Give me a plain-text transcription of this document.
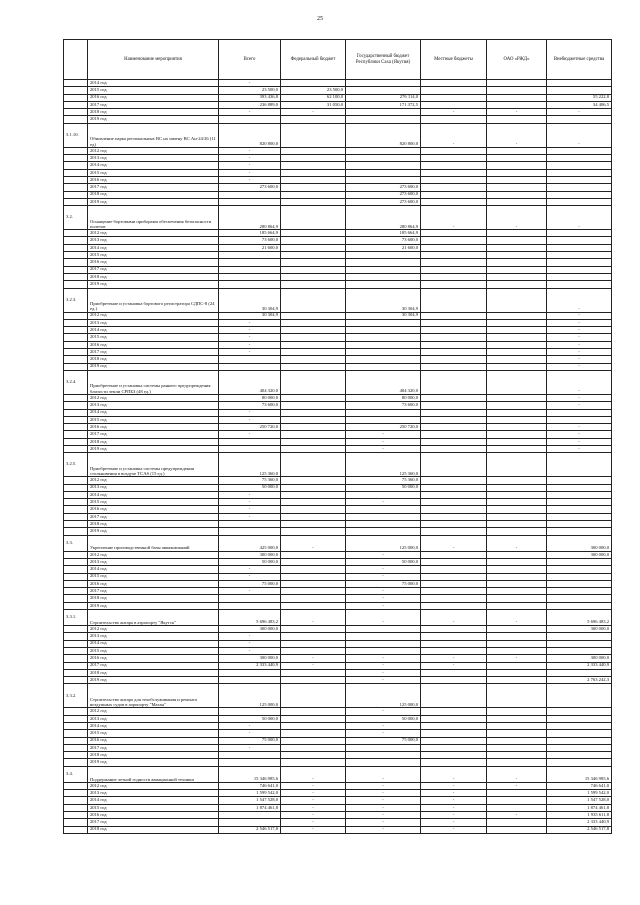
25
	Наименование мероприятия	Всего	Федеральный бюджет	Государственный бюджет Республики Саха (Якутия)	Местные бюджеты	ОАО «РЖД»	Внебюджетные средства
	2014 год	-					
	2015 год	23 500,0	23 500,0				
	2016 год	393 436,8	62 100,0	276 114,0			55 222,8
	2017 год	236 889,0	31 050,0	171 372,5			34 406,5
	2018 год	-	-		-	-	-
	2019 год						
3.1.10.	Обновление парка региональных ВС на замену ВС Ан-24/26 (11 ед)	820 800,0		820 800,0	-	-	-
	2012 год	-					
	2013 год	-					
	2014 год	-					
	2015 год	-					
	2016 год	-					
	2017 год	273 600,0		273 600,0			
	2018 год			273 600,0			
	2019 год			273 600,0			
3.2.	Оснащение бортовыми приборами обеспечения безопасности полетов	280 864,9		280 864,9	-	-	-
	2012 год	185 664,9		185 664,9			
	2013 год	73 600,0		73 600,0			
	2014 год	21 600,0		21 600,0			
	2015 год						
	2016 год						
	2017 год						
	2018 год						
	2019 год						
3.2.3.	Приобретение и установка бортового регистратора СДПС-8 (24 ед.)	30 304,9		30 304,9			-
	2012 год	30 304,9		30 304,9			-
	2013 год	-					-
	2014 год	-					-
	2015 год	-					-
	2016 год	-					-
	2017 год	-					-
	2018 год						-
	2019 год						-
3.2.4.	Приобретение и установка системы раннего предупреждения близости земли СРПБЗ (48 ед.)	404 320,0		404 320,0			-
	2012 год	80 000,0		80 000,0			-
	2013 год	73 600,0		73 600,0			-
	2014 год	-					
	2015 год	-					
	2016 год	250 720,0		250 720,0			-
	2017 год	-		-			-
	2018 год			-			-
	2019 год			-			-
3.2.5.	Приобретение и установка системы предупреждения столкновения в воздухе TCAS (15 ед.)	125 360,0		125 360,0			
	2012 год	75 360,0		75 360,0			
	2013 год	50 000,0		50 000,0			
	2014 год	-					
	2015 год	-		-			
	2016 год	-					
	2017 год	-					
	2018 год						
	2019 год						
3.3.	Укрепление производственной базы авиакомпаний	425 000,0	-	125 000,0	-	-	300 000,0
	2012 год	300 000,0		-			300 000,0
	2013 год	50 000,0		50 000,0			
	2014 год	-		-			
	2015 год	-		-			
	2016 год	75 000,0		75 000,0			
	2017 год	-		-			
	2018 год			-			
	2019 год			-			
3.3.1.	Строительство ангара в аэропорту "Якутск"	5 696 483,2	-	-	-	-	5 696 483,2
	2012 год	300 000,0					300 000,0
	2013 год	-					
	2014 год	-					
	2015 год	-					
	2016 год	300 000,0	-	-	-	-	300 000,0
	2017 год	2 333 440,9	-	-	-		2 333 440,9
	2018 год			-			
	2019 год			-			2 763 242,3
3.3.2.	Строительство ангара для техобслуживания и ремонта воздушных судов в аэропорту "Маган"	125 000,0		125 000,0			
	2012 год			-			
	2013 год	50 000,0		50 000,0			
	2014 год	-		-			
	2015 год	-		-			
	2016 год	75 000,0		75 000,0			
	2017 год	-					
	2018 год						
	2019 год						
3.4.	Поддержание летной годности авиационной техники	15 346 985,6	-	-	-	-	15 346 985,6
	2012 год	746 641,0	-	-	-	-	746 641,0
	2013 год	1 599 542,0	-	-	-		1 599 542,0
	2014 год	1 547 528,0	-	-	-		1 547 528,0
	2015 год	1 874 461,8	-	-	-		1 874 461,8
	2016 год		-	-	-	-	1 935 611,8
	2017 год		-	-	-		2 333 440,9
	2018 год	2 546 517,8	-	-	-		2 546 517,8
